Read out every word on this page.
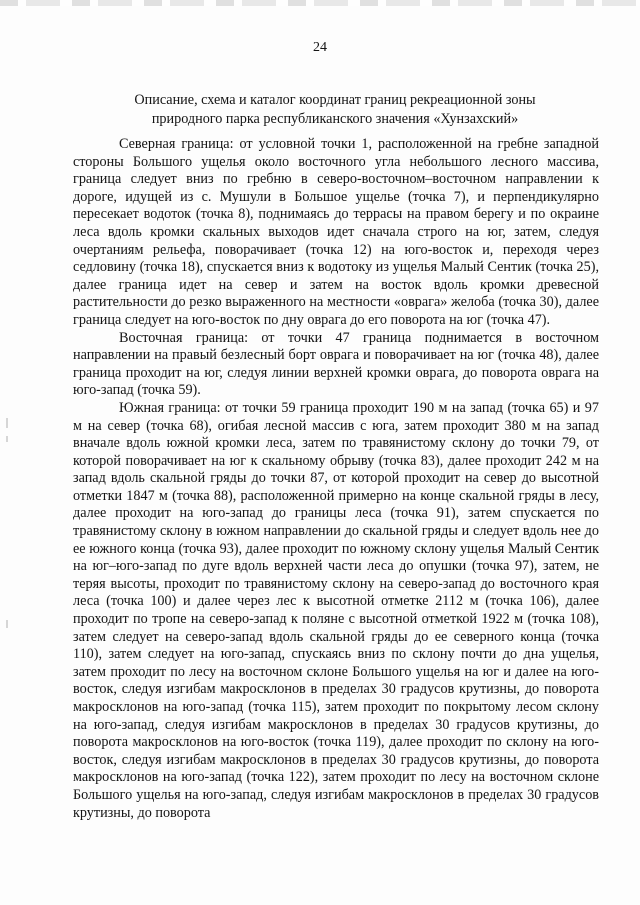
24
Описание, схема и каталог координат границ рекреационной зоны
природного парка республиканского значения «Хунзахский»

Северная граница: от условной точки 1, расположенной на гребне западной стороны Большого ущелья около восточного угла небольшого лесного массива, граница следует вниз по гребню в северо-восточном–восточном направлении к дороге, идущей из с. Мушули в Большое ущелье (точка 7), и перпендикулярно пересекает водоток (точка 8), поднимаясь до террасы на правом берегу и по окраине леса вдоль кромки скальных выходов идет сначала строго на юг, затем, следуя очертаниям рельефа, поворачивает (точка 12) на юго-восток и, переходя через седловину (точка 18), спускается вниз к водотоку из ущелья Малый Сентик (точка 25), далее граница идет на север и затем на восток вдоль кромки древесной растительности до резко выраженного на местности «оврага» желоба (точка 30), далее граница следует на юго-восток по дну оврага до его поворота на юг (точка 47).

Восточная граница: от точки 47 граница поднимается в восточном направлении на правый безлесный борт оврага и поворачивает на юг (точка 48), далее граница проходит на юг, следуя линии верхней кромки оврага, до поворота оврага на юго-запад (точка 59).

Южная граница: от точки 59 граница проходит 190 м на запад (точка 65) и 97 м на север (точка 68), огибая лесной массив с юга, затем проходит 380 м на запад вначале вдоль южной кромки леса, затем по травянистому склону до точки 79, от которой поворачивает на юг к скальному обрыву (точка 83), далее проходит 242 м на запад вдоль скальной гряды до точки 87, от которой проходит на север до высотной отметки 1847 м (точка 88), расположенной примерно на конце скальной гряды в лесу, далее проходит на юго-запад до границы леса (точка 91), затем спускается по травянистому склону в южном направлении до скальной гряды и следует вдоль нее до ее южного конца (точка 93), далее проходит по южному склону ущелья Малый Сентик на юг–юго-запад по дуге вдоль верхней части леса до опушки (точка 97), затем, не теряя высоты, проходит по травянистому склону на северо-запад до восточного края леса (точка 100) и далее через лес к высотной отметке 2112 м (точка 106), далее проходит по тропе на северо-запад к поляне с высотной отметкой 1922 м (точка 108), затем следует на северо-запад вдоль скальной гряды до ее северного конца (точка 110), затем следует на юго-запад, спускаясь вниз по склону почти до дна ущелья, затем проходит по лесу на восточном склоне Большого ущелья на юг и далее на юго-восток, следуя изгибам макросклонов в пределах 30 градусов крутизны, до поворота макросклонов на юго-запад (точка 115), затем проходит по покрытому лесом склону на юго-запад, следуя изгибам макросклонов в пределах 30 градусов крутизны, до поворота макросклонов на юго-восток (точка 119), далее проходит по склону на юго-восток, следуя изгибам макросклонов в пределах 30 градусов крутизны, до поворота макросклонов на юго-запад (точка 122), затем проходит по лесу на восточном склоне Большого ущелья на юго-запад, следуя изгибам макросклонов в пределах 30 градусов крутизны, до поворота
